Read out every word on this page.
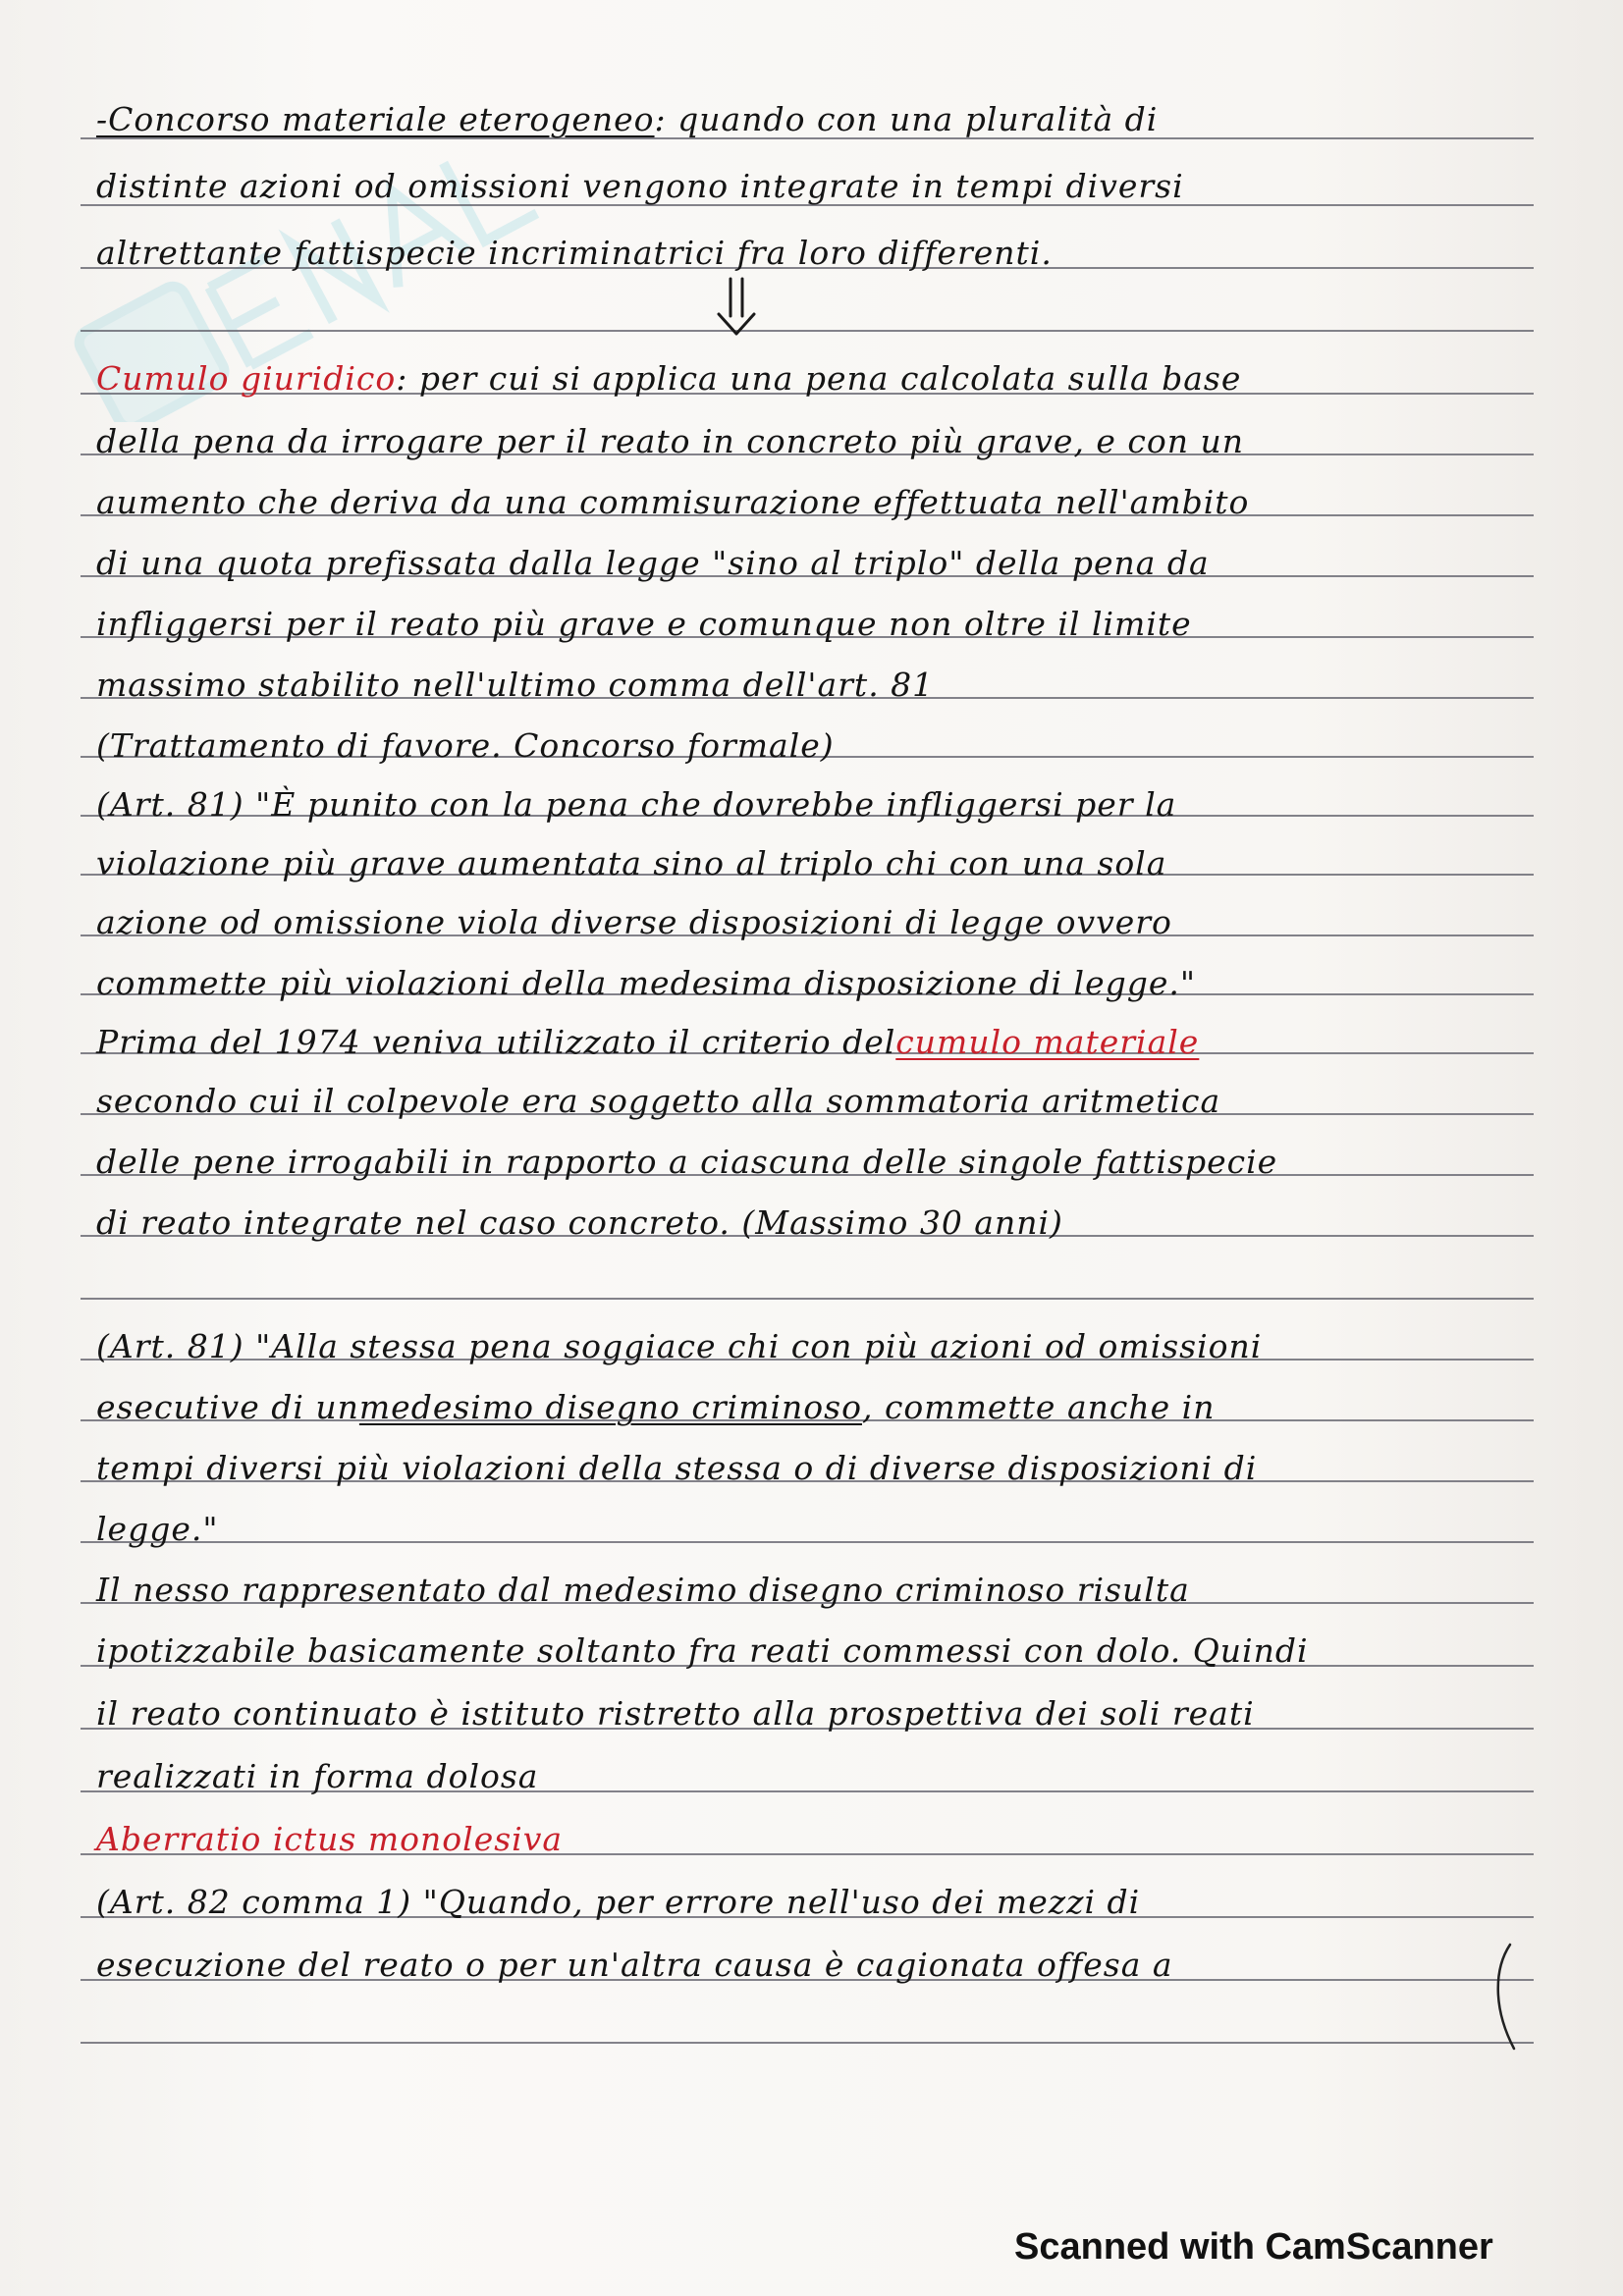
-Concorso materiale eterogeneo : quando con una pluralità di
distinte azioni od omissioni vengono integrate in tempi diversi
altrettante fattispecie incriminatrici fra loro differenti.
Cumulo giuridico : per cui si applica una pena calcolata sulla base
della pena da irrogare per il reato in concreto più grave, e con un
aumento che deriva da una commisurazione effettuata nell'ambito
di una quota prefissata dalla legge "sino al triplo" della pena da
infliggersi per il reato più grave e comunque non oltre il limite
massimo stabilito nell'ultimo comma dell'art. 81
(Trattamento di favore. Concorso formale)
(Art. 81) "È punito con la pena che dovrebbe infliggersi per la
violazione più grave aumentata sino al triplo chi con una sola
azione od omissione viola diverse disposizioni di legge ovvero
commette più violazioni della medesima disposizione di legge."
Prima del 1974 veniva utilizzato il criterio del cumulo materiale
secondo cui il colpevole era soggetto alla sommatoria aritmetica
delle pene irrogabili in rapporto a ciascuna delle singole fattispecie
di reato integrate nel caso concreto. (Massimo 30 anni)
(Art. 81) "Alla stessa pena soggiace chi con più azioni od omissioni
esecutive di un medesimo disegno criminoso , commette anche in
tempi diversi più violazioni della stessa o di diverse disposizioni di
legge."
Il nesso rappresentato dal medesimo disegno criminoso risulta
ipotizzabile basicamente soltanto fra reati commessi con dolo. Quindi
il reato continuato è istituto ristretto alla prospettiva dei soli reati
realizzati in forma dolosa
Aberratio ictus monolesiva
(Art. 82 comma 1) "Quando, per errore nell'uso dei mezzi di
esecuzione del reato o per un'altra causa è cagionata offesa a
Scanned with CamScanner
